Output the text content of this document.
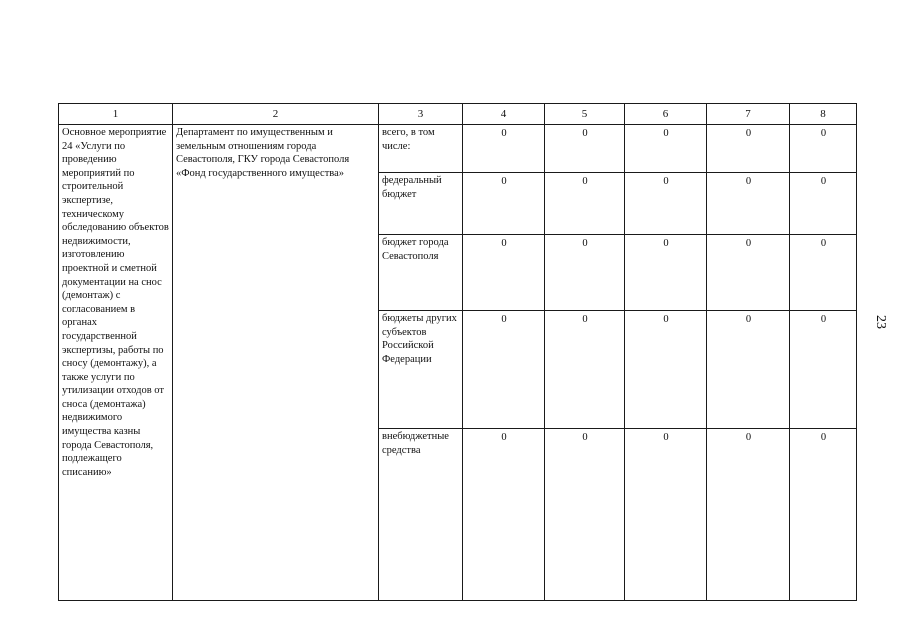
1	2	3	4	5	6	7	8
Основное мероприятие 24 «Услуги по проведению мероприятий по строительной экспертизе, техническому обследованию объектов недвижимости, изготовлению проектной и сметной документации на снос (демонтаж) с согласованием в органах государственной экспертизы, работы по сносу (демонтажу), а также услуги по утилизации отходов от сноса (демонтажа) недвижимого имущества казны города Севастополя, подлежащего списанию»	Департамент по имущественным и земельным отношениям города Севастополя, ГКУ города Севастополя «Фонд государственного имущества»	всего, в том числе:	0	0	0	0	0
		федеральный бюджет	0	0	0	0	0
		бюджет города Севастополя	0	0	0	0	0
		бюджеты других субъектов Российской Федерации	0	0	0	0	0
		внебюджетные средства	0	0	0	0	0
23
